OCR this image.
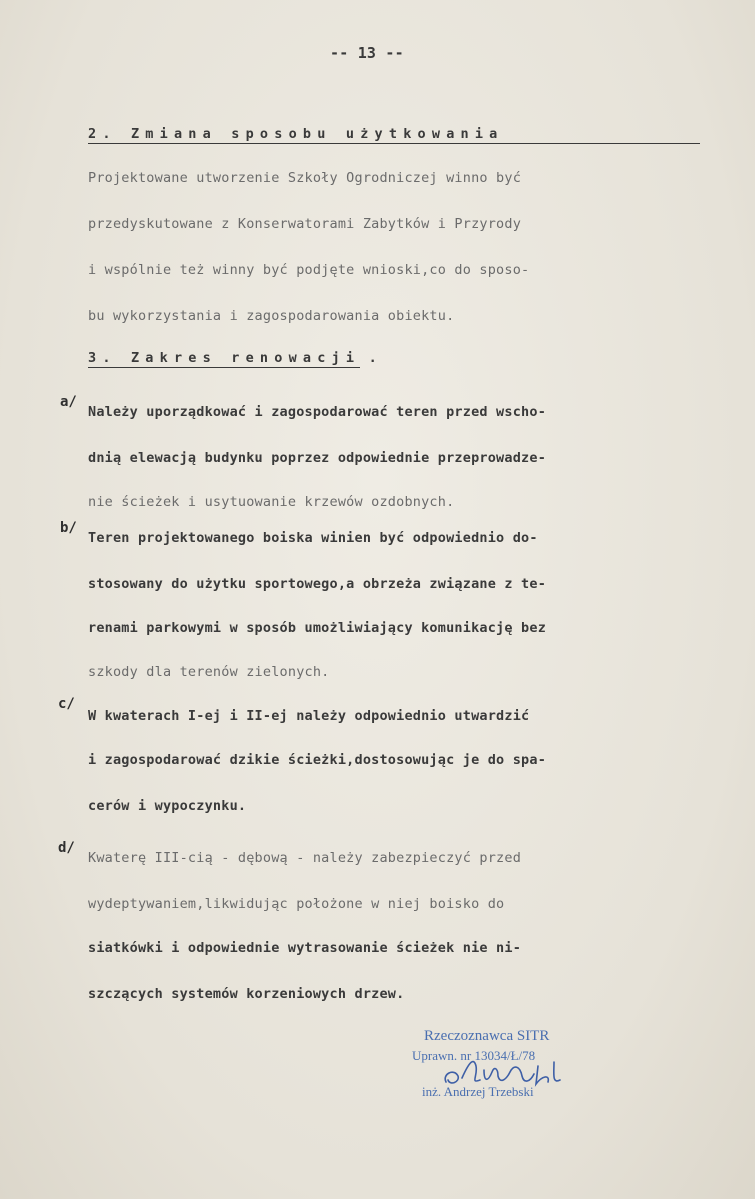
-- 13 --
2. Zmiana sposobu użytkowania
Projektowane utworzenie Szkoły Ogrodniczej winno być
przedyskutowane z Konserwatorami Zabytków i Przyrody
i wspólnie też winny być podjęte wnioski,co do sposo-
bu wykorzystania i zagospodarowania obiektu.
3. Zakres renowacji .
a/
Należy uporządkować i zagospodarować teren przed wscho-
dnią elewacją budynku poprzez odpowiednie przeprowadze-
nie ścieżek i usytuowanie krzewów ozdobnych.
b/
Teren projektowanego boiska winien być odpowiednio do-
stosowany do użytku sportowego,a obrzeża związane z te-
renami parkowymi w sposób umożliwiający komunikację bez
szkody dla terenów zielonych.
c/
W kwaterach I-ej i II-ej należy odpowiednio utwardzić
i zagospodarować dzikie ścieżki,dostosowując je do spa-
cerów i wypoczynku.
d/
Kwaterę III-cią - dębową - należy zabezpieczyć przed
wydeptywaniem,likwidując położone w niej boisko do
siatkówki i odpowiednie wytrasowanie ścieżek nie ni-
szczących systemów korzeniowych drzew.
Rzeczoznawca SITR
Uprawn. nr 13034/Ł/78
inż. Andrzej Trzebski
